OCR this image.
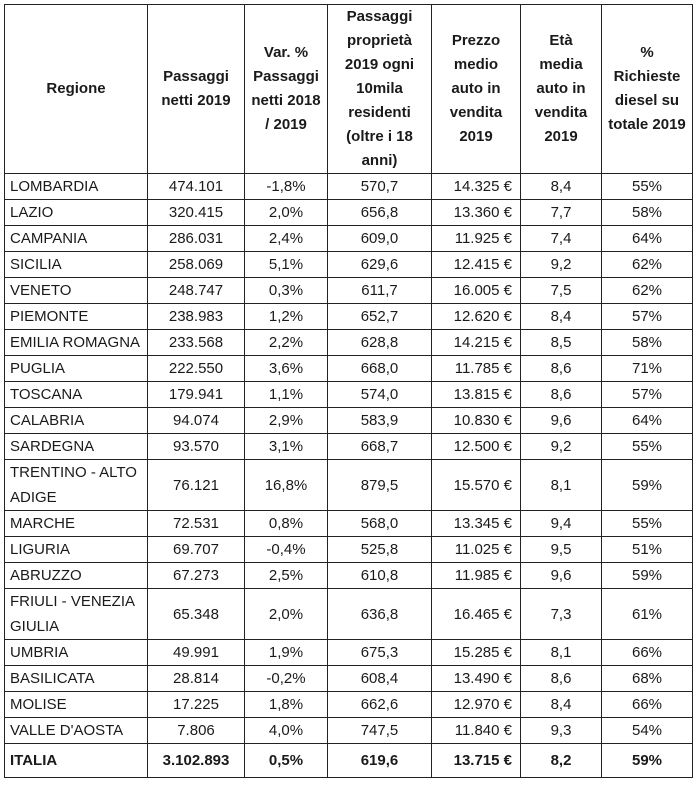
Regione	Passaggi netti 2019	Var. % Passaggi netti 2018 / 2019	Passaggi proprietà 2019 ogni 10mila residenti (oltre i 18 anni)	Prezzo medio auto in vendita 2019	Età media auto in vendita 2019	% Richieste diesel su totale 2019
LOMBARDIA	474.101	-1,8%	570,7	14.325 €	8,4	55%
LAZIO	320.415	2,0%	656,8	13.360 €	7,7	58%
CAMPANIA	286.031	2,4%	609,0	11.925 €	7,4	64%
SICILIA	258.069	5,1%	629,6	12.415 €	9,2	62%
VENETO	248.747	0,3%	611,7	16.005 €	7,5	62%
PIEMONTE	238.983	1,2%	652,7	12.620 €	8,4	57%
EMILIA ROMAGNA	233.568	2,2%	628,8	14.215 €	8,5	58%
PUGLIA	222.550	3,6%	668,0	11.785 €	8,6	71%
TOSCANA	179.941	1,1%	574,0	13.815 €	8,6	57%
CALABRIA	94.074	2,9%	583,9	10.830 €	9,6	64%
SARDEGNA	93.570	3,1%	668,7	12.500 €	9,2	55%
TRENTINO - ALTO ADIGE	76.121	16,8%	879,5	15.570 €	8,1	59%
MARCHE	72.531	0,8%	568,0	13.345 €	9,4	55%
LIGURIA	69.707	-0,4%	525,8	11.025 €	9,5	51%
ABRUZZO	67.273	2,5%	610,8	11.985 €	9,6	59%
FRIULI - VENEZIA GIULIA	65.348	2,0%	636,8	16.465 €	7,3	61%
UMBRIA	49.991	1,9%	675,3	15.285 €	8,1	66%
BASILICATA	28.814	-0,2%	608,4	13.490 €	8,6	68%
MOLISE	17.225	1,8%	662,6	12.970 €	8,4	66%
VALLE D'AOSTA	7.806	4,0%	747,5	11.840 €	9,3	54%
ITALIA	3.102.893	0,5%	619,6	13.715 €	8,2	59%
